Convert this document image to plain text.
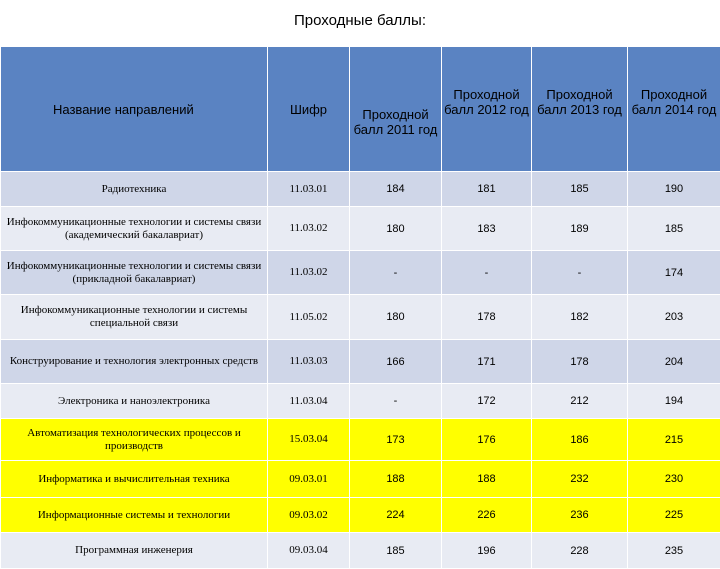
Проходные баллы:
Название направлений	Шифр	Проходной балл 2011 год	Проходной балл 2012 год	Проходной балл 2013 год	Проходной балл 2014 год
Радиотехника	11.03.01	184	181	185	190
Инфокоммуникационные технологии и системы связи (академический бакалавриат)	11.03.02	180	183	189	185
Инфокоммуникационные технологии и системы связи (прикладной бакалавриат)	11.03.02	-	-	-	174
Инфокоммуникационные технологии и системы специальной связи	11.05.02	180	178	182	203
Конструирование и технология электронных средств	11.03.03	166	171	178	204
Электроника и наноэлектроника	11.03.04	-	172	212	194
Автоматизация технологических процессов и производств	15.03.04	173	176	186	215
Информатика и вычислительная техника	09.03.01	188	188	232	230
Информационные системы и технологии	09.03.02	224	226	236	225
Программная инженерия	09.03.04	185	196	228	235
